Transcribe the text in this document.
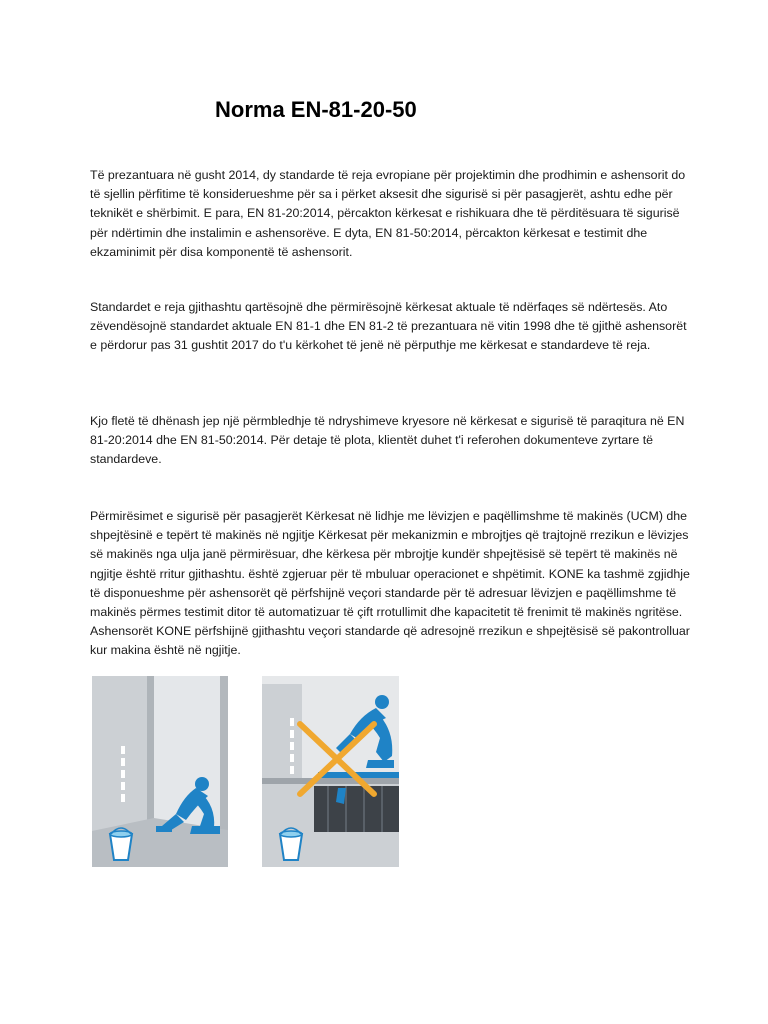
Norma EN-81-20-50

Të prezantuara në gusht 2014, dy standarde të reja evropiane për projektimin dhe prodhimin e ashensorit do të sjellin përfitime të konsiderueshme për sa i përket aksesit dhe sigurisë si për pasagjerët, ashtu edhe për teknikët e shërbimit. E para, EN 81-20:2014, përcakton kërkesat e rishikuara dhe të përditësuara të sigurisë për ndërtimin dhe instalimin e ashensorëve. E dyta, EN 81-50:2014, përcakton kërkesat e testimit dhe ekzaminimit për disa komponentë të ashensorit.

Standardet e reja gjithashtu qartësojnë dhe përmirësojnë kërkesat aktuale të ndërfaqes së ndërtesës. Ato zëvendësojnë standardet aktuale EN 81-1 dhe EN 81-2 të prezantuara në vitin 1998 dhe të gjithë ashensorët e përdorur pas 31 gushtit 2017 do t'u kërkohet të jenë në përputhje me kërkesat e standardeve të reja.

Kjo fletë të dhënash jep një përmbledhje të ndryshimeve kryesore në kërkesat e sigurisë të paraqitura në EN 81-20:2014 dhe EN 81-50:2014. Për detaje të plota, klientët duhet t'i referohen dokumenteve zyrtare të standardeve.

Përmirësimet e sigurisë për pasagjerët Kërkesat në lidhje me lëvizjen e paqëllimshme të makinës (UCM) dhe shpejtësinë e tepërt të makinës në ngjitje Kërkesat për mekanizmin e mbrojtjes që trajtojnë rrezikun e lëvizjes së makinës nga ulja janë përmirësuar, dhe kërkesa për mbrojtje kundër shpejtësisë së tepërt të makinës në ngjitje është rritur gjithashtu. është zgjeruar për të mbuluar operacionet e shpëtimit. KONE ka tashmë zgjidhje të disponueshme për ashensorët që përfshijnë veçori standarde për të adresuar lëvizjen e paqëllimshme të makinës përmes testimit ditor të automatizuar të çift rrotullimit dhe kapacitetit të frenimit të makinës ngritëse. Ashensorët KONE përfshijnë gjithashtu veçori standarde që adresojnë rrezikun e shpejtësisë së pakontrolluar kur makina është në ngjitje.
